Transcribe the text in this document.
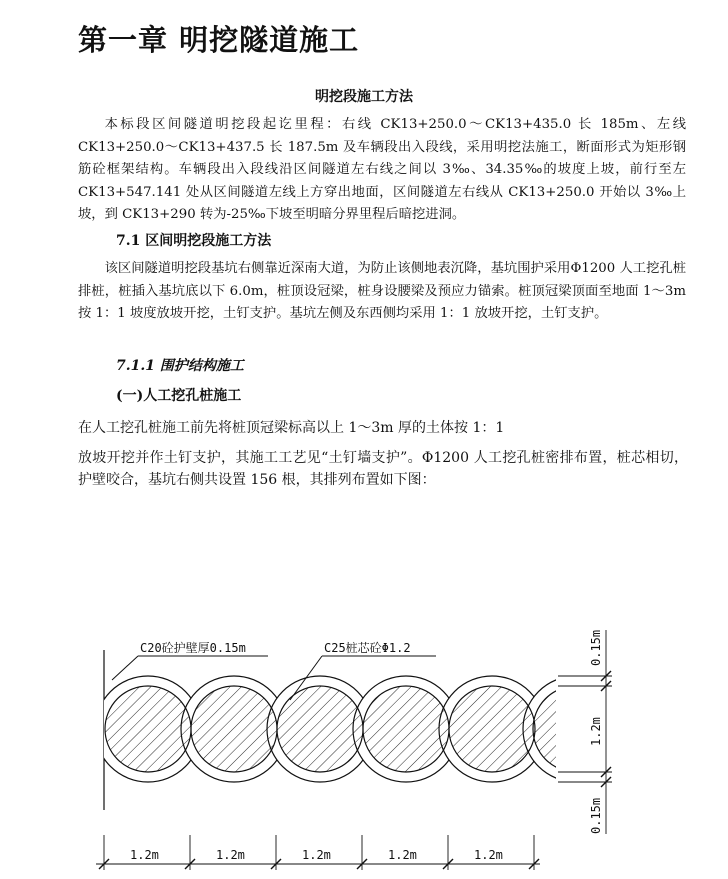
第一章 明挖隧道施工
明挖段施工方法

本标段区间隧道明挖段起讫里程：右线 CK13+250.0～CK13+435.0 长 185m、左线 CK13+250.0～CK13+437.5 长 187.5m 及车辆段出入段线，采用明挖法施工，断面形式为矩形钢筋砼框架结构。车辆段出入段线沿区间隧道左右线之间以 3‰、34.35‰的坡度上坡，前行至左 CK13+547.141 处从区间隧道左线上方穿出地面，区间隧道左右线从 CK13+250.0 开始以 3‰上坡，到 CK13+290 转为-25‰下坡至明暗分界里程后暗挖进洞。

7.1 区间明挖段施工方法

该区间隧道明挖段基坑右侧靠近深南大道，为防止该侧地表沉降，基坑围护采用Φ1200 人工挖孔桩排桩，桩插入基坑底以下 6.0m，桩顶设冠梁，桩身设腰梁及预应力锚索。桩顶冠梁顶面至地面 1～3m 按 1：1 坡度放坡开挖，土钉支护。基坑左侧及东西侧均采用 1：1 放坡开挖，土钉支护。

7.1.1 围护结构施工
(一)人工挖孔桩施工

在人工挖孔桩施工前先将桩顶冠梁标高以上 1～3m 厚的土体按 1：1

放坡开挖并作土钉支护，其施工工艺见“土钉墙支护”。Φ1200 人工挖孔桩密排布置，桩芯相切，护壁咬合，基坑右侧共设置 156 根，其排列布置如下图：

C20砼护壁厚0.15m	C25桩芯砼Φ1.2	0.15m
1.2m
0.15m
1.2m	1.2m	1.2m	1.2m	1.2m
